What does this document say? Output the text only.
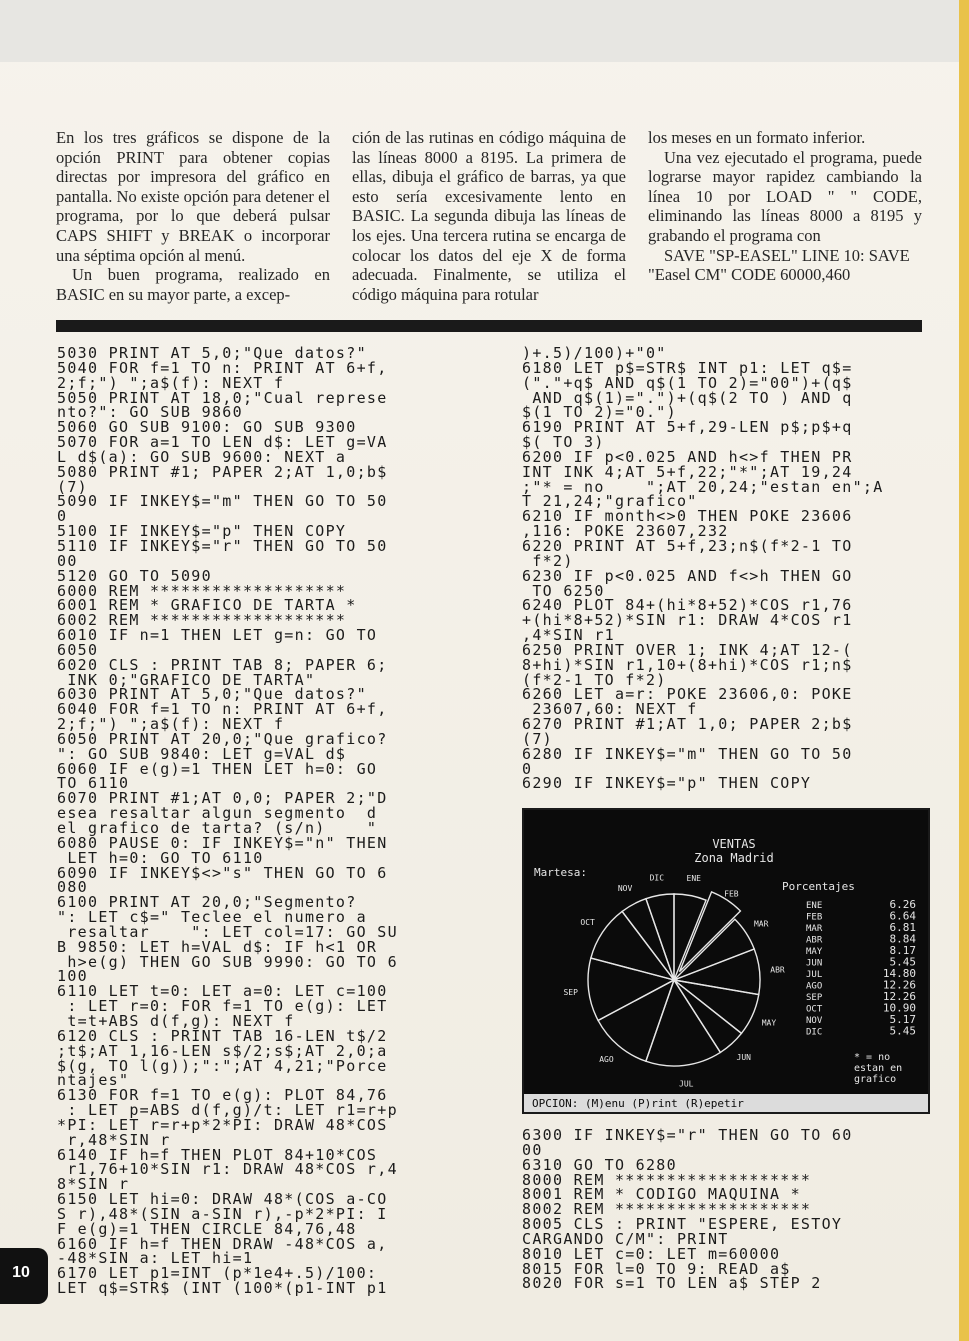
En los tres gráficos se dispone de la opción PRINT para obtener copias directas por impresora del gráfico en pantalla. No existe opción para detener el programa, por lo que deberá pulsar CAPS SHIFT y BREAK o incorporar una séptima opción al menú.

Un buen programa, realizado en BASIC en su mayor parte, a excep-

ción de las rutinas en código máquina de las líneas 8000 a 8195. La primera de ellas, dibuja el gráfico de barras, ya que esto sería excesivamente lento en BASIC. La segunda dibuja las líneas de los ejes. Una tercera rutina se encarga de colocar los datos del eje X de forma adecuada. Finalmente, se utiliza el código máquina para rotular

los meses en un formato inferior.

Una vez ejecutado el programa, puede lograrse mayor rapidez cambiando la línea 10 por LOAD " " CODE, eliminando las líneas 8000 a 8195 y grabando el programa con

SAVE "SP-EASEL" LINE 10: SAVE "Easel CM" CODE 60000,460

5030 PRINT AT 5,0;"Que datos?"
5040 FOR f=1 TO n: PRINT AT 6+f,
2;f;") ";a$(f): NEXT f
5050 PRINT AT 18,0;"Cual represe
nto?": GO SUB 9860
5060 GO SUB 9100: GO SUB 9300
5070 FOR a=1 TO LEN d$: LET g=VA
L d$(a): GO SUB 9600: NEXT a
5080 PRINT #1; PAPER 2;AT 1,0;b$
(7)
5090 IF INKEY$="m" THEN GO TO 50
0
5100 IF INKEY$="p" THEN COPY
5110 IF INKEY$="r" THEN GO TO 50
00
5120 GO TO 5090
6000 REM *******************
6001 REM * GRAFICO DE TARTA *
6002 REM *******************
6010 IF n=1 THEN LET g=n: GO TO
6050
6020 CLS : PRINT TAB 8; PAPER 6;
INK 0;"GRAFICO DE TARTA"
6030 PRINT AT 5,0;"Que datos?"
6040 FOR f=1 TO n: PRINT AT 6+f,
2;f;") ";a$(f): NEXT f
6050 PRINT AT 20,0;"Que grafico?
": GO SUB 9840: LET g=VAL d$
6060 IF e(g)=1 THEN LET h=0: GO
TO 6110
6070 PRINT #1;AT 0,0; PAPER 2;"D
esea resaltar algun segmento  d
el grafico de tarta? (s/n)    "
6080 PAUSE 0: IF INKEY$="n" THEN
LET h=0: GO TO 6110
6090 IF INKEY$<>"s" THEN GO TO 6
080
6100 PRINT AT 20,0;"Segmento?
": LET c$=" Teclee el numero a
resaltar    ": LET col=17: GO SU
B 9850: LET h=VAL d$: IF h<1 OR
h>e(g) THEN GO SUB 9990: GO TO 6
100
6110 LET t=0: LET a=0: LET c=100
: LET r=0: FOR f=1 TO e(g): LET
t=t+ABS d(f,g): NEXT f
6120 CLS : PRINT TAB 16-LEN t$/2
;t$;AT 1,16-LEN s$/2;s$;AT 2,0;a
$(g, TO l(g));":";AT 4,21;"Porce
ntajes"
6130 FOR f=1 TO e(g): PLOT 84,76
: LET p=ABS d(f,g)/t: LET r1=r+p
*PI: LET r=r+p*2*PI: DRAW 48*COS
r,48*SIN r
6140 IF h=f THEN PLOT 84+10*COS
r1,76+10*SIN r1: DRAW 48*COS r,4
8*SIN r
6150 LET hi=0: DRAW 48*(COS a-CO
S r),48*(SIN a-SIN r),-p*2*PI: I
F e(g)=1 THEN CIRCLE 84,76,48
6160 IF h=f THEN DRAW -48*COS a,
-48*SIN a: LET hi=1
6170 LET p1=INT (p*1e4+.5)/100:
LET q$=STR$ (INT (100*(p1-INT p1
)+.5)/100)+"0"
6180 LET p$=STR$ INT p1: LET q$=
("."+q$ AND q$(1 TO 2)="00")+(q$
AND q$(1)=".")+(q$(2 TO ) AND q
$(1 TO 2)="0.")
6190 PRINT AT 5+f,29-LEN p$;p$+q
$( TO 3)
6200 IF p<0.025 AND h<>f THEN PR
INT INK 4;AT 5+f,22;"*";AT 19,24
;"* = no    ";AT 20,24;"estan en";A
T 21,24;"grafico"
6210 IF month<>0 THEN POKE 23606
,116: POKE 23607,232
6220 PRINT AT 5+f,23;n$(f*2-1 TO
f*2)
6230 IF p<0.025 AND f<>h THEN GO
TO 6250
6240 PLOT 84+(hi*8+52)*COS r1,76
+(hi*8+52)*SIN r1: DRAW 4*COS r1
,4*SIN r1
6250 PRINT OVER 1; INK 4;AT 12-(
8+hi)*SIN r1,10+(8+hi)*COS r1;n$
(f*2-1 TO f*2)
6260 LET a=r: POKE 23606,0: POKE
23607,60: NEXT f
6270 PRINT #1;AT 1,0; PAPER 2;b$
(7)
6280 IF INKEY$="m" THEN GO TO 50
0
6290 IF INKEY$="p" THEN COPY
VENTAS
Zona Madrid
Martesa:
Porcentajes
ENE
FEB
MAR
ABR
MAY
JUN
JUL
AGO
SEP
OCT
NOV
DIC
ENE	6.26
FEB	6.64
MAR	6.81
ABR	8.84
MAY	8.17
JUN	5.45
JUL	14.80
AGO	12.26
SEP	12.26
OCT	10.90
NOV	5.17
DIC	5.45
* = no
estan en
grafico
OPCION: (M)enu (P)rint (R)epetir
6300 IF INKEY$="r" THEN GO TO 60
00
6310 GO TO 6280
8000 REM *******************
8001 REM * CODIGO MAQUINA *
8002 REM *******************
8005 CLS : PRINT "ESPERE, ESTOY
CARGANDO C/M": PRINT
8010 LET c=0: LET m=60000
8015 FOR l=0 TO 9: READ a$
8020 FOR s=1 TO LEN a$ STEP 2
10
